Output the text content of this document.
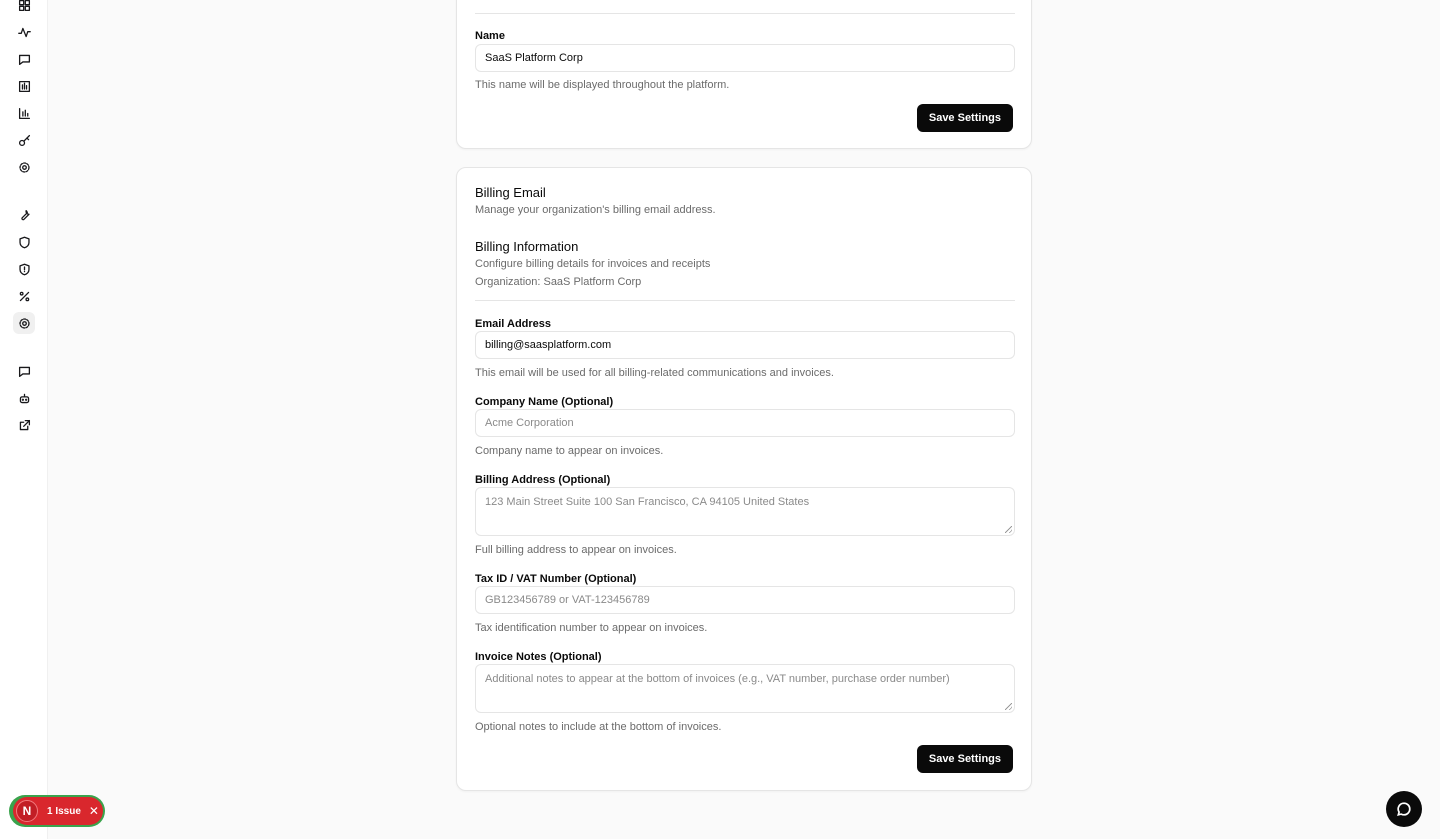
Name
SaaS Platform Corp
This name will be displayed throughout the platform.
Save Settings
Billing Email
Manage your organization's billing email address.
Billing Information
Configure billing details for invoices and receipts
Organization: SaaS Platform Corp
Email Address
billing@saasplatform.com
This email will be used for all billing-related communications and invoices.
Company Name (Optional)
Acme Corporation
Company name to appear on invoices.
Billing Address (Optional)
123 Main Street Suite 100 San Francisco, CA 94105 United States
Full billing address to appear on invoices.
Tax ID / VAT Number (Optional)
GB123456789 or VAT-123456789
Tax identification number to appear on invoices.
Invoice Notes (Optional)
Additional notes to appear at the bottom of invoices (e.g., VAT number, purchase order number)
Optional notes to include at the bottom of invoices.
Save Settings
N	1 Issue ✕
